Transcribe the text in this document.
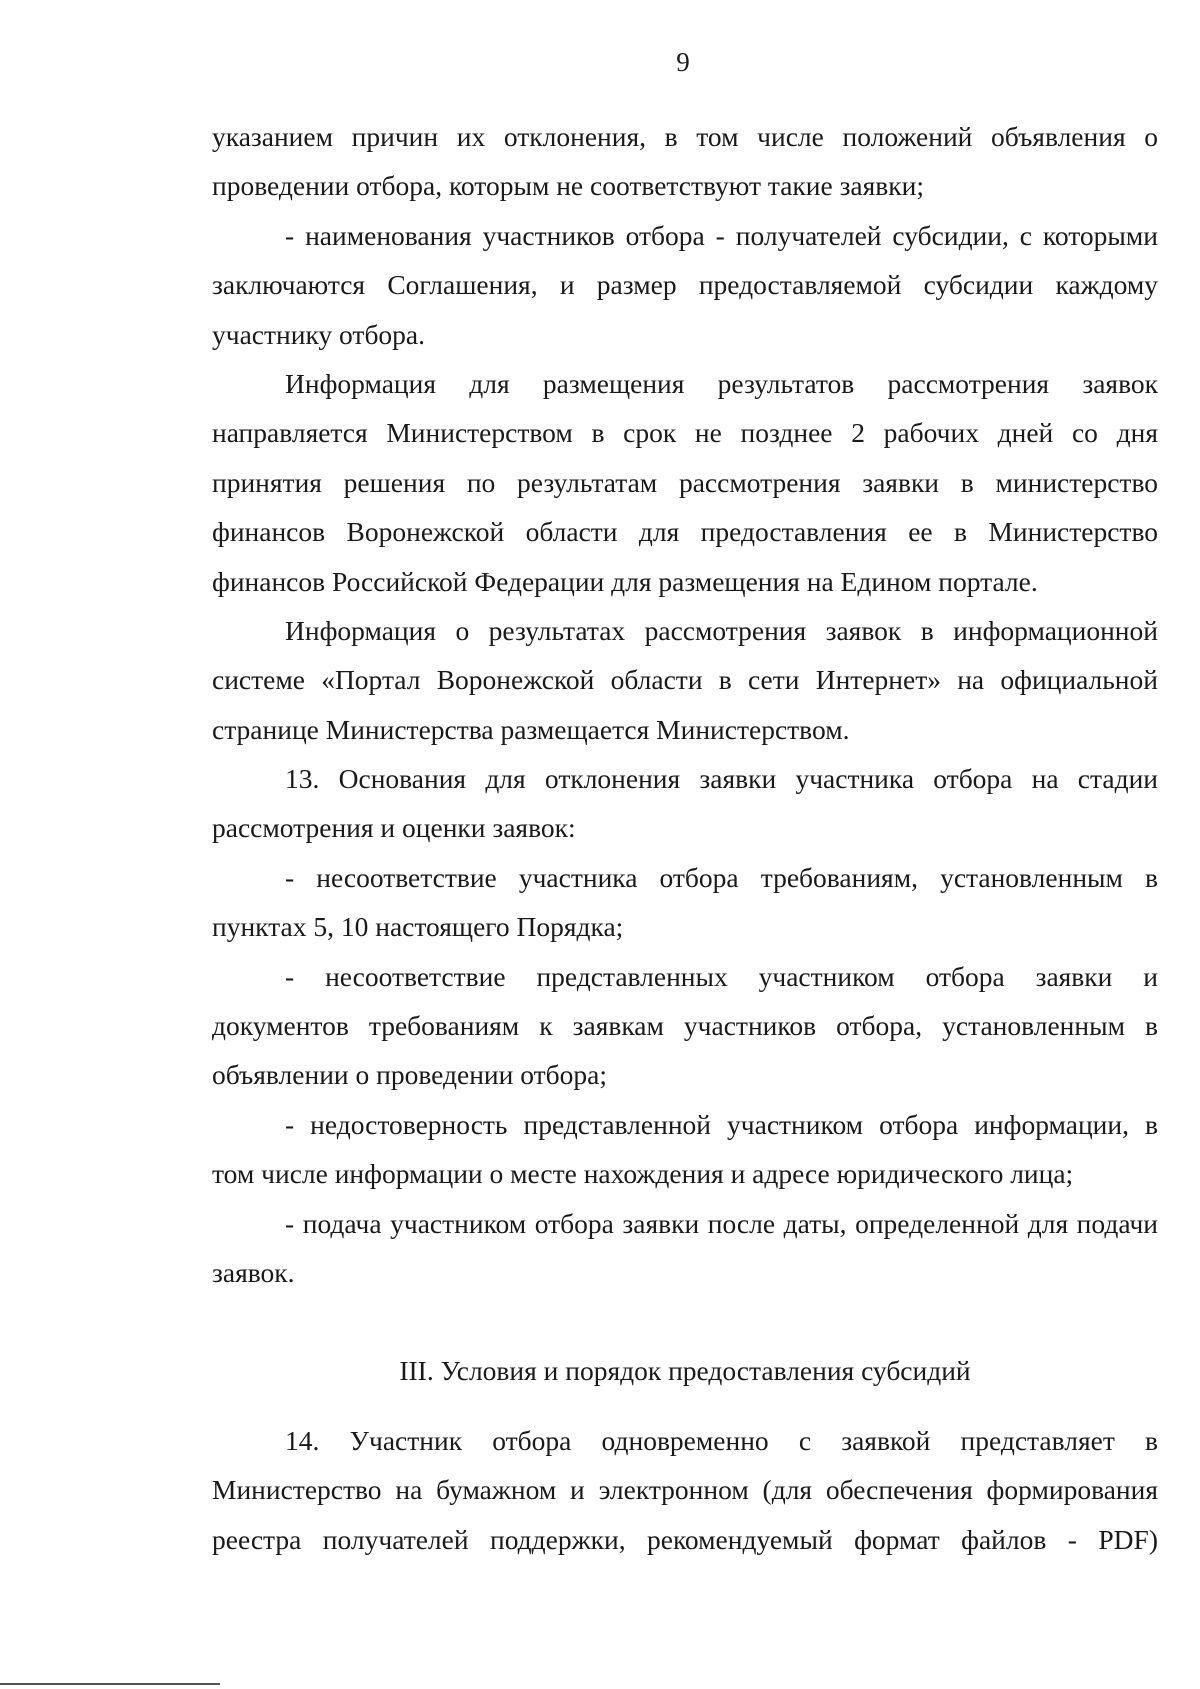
9
указанием причин их отклонения, в том числе положений объявления о
проведении отбора, которым не соответствуют такие заявки;
- наименования участников отбора - получателей субсидии, с которыми
заключаются Соглашения, и размер предоставляемой субсидии каждому
участнику отбора.
Информация для размещения результатов рассмотрения заявок
направляется Министерством в срок не позднее 2 рабочих дней со дня
принятия решения по результатам рассмотрения заявки в министерство
финансов Воронежской области для предоставления ее в Министерство
финансов Российской Федерации для размещения на Едином портале.
Информация о результатах рассмотрения заявок в информационной
системе «Портал Воронежской области в сети Интернет» на официальной
странице Министерства размещается Министерством.
13. Основания для отклонения заявки участника отбора на стадии
рассмотрения и оценки заявок:
- несоответствие участника отбора требованиям, установленным в
пунктах 5, 10 настоящего Порядка;
- несоответствие представленных участником отбора заявки и
документов требованиям к заявкам участников отбора, установленным в
объявлении о проведении отбора;
- недостоверность представленной участником отбора информации, в
том числе информации о месте нахождения и адресе юридического лица;
- подача участником отбора заявки после даты, определенной для подачи
заявок.
III. Условия и порядок предоставления субсидий
14. Участник отбора одновременно с заявкой представляет в
Министерство на бумажном и электронном (для обеспечения формирования
реестра получателей поддержки, рекомендуемый формат файлов - PDF)
